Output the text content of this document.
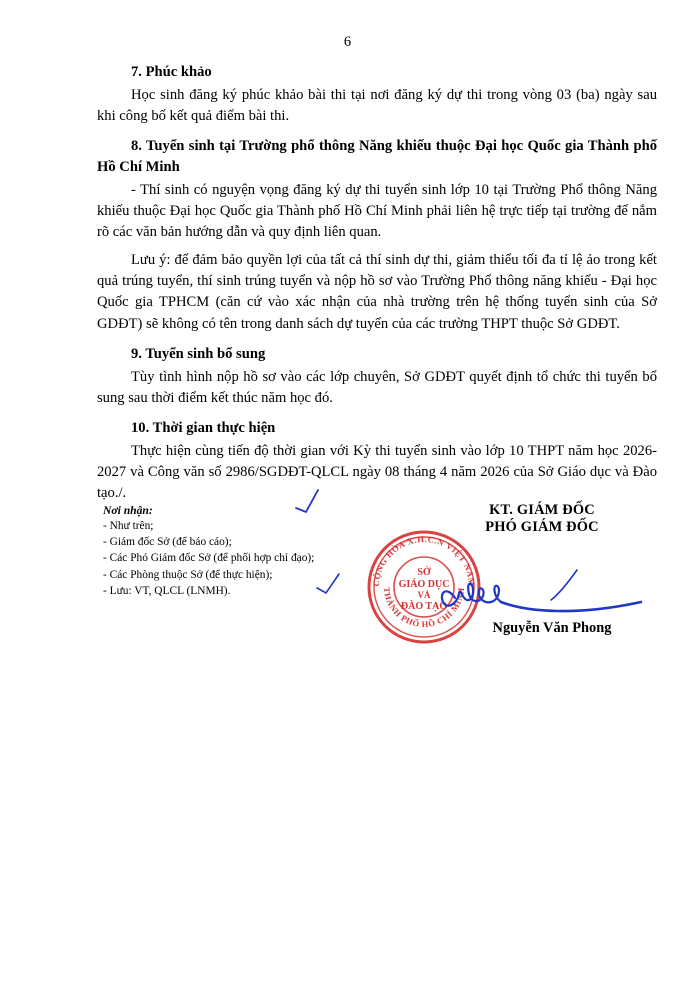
6
7. Phúc khảo
Học sinh đăng ký phúc khảo bài thi tại nơi đăng ký dự thi trong vòng 03 (ba) ngày sau khi công bố kết quả điểm bài thi.
8. Tuyển sinh tại Trường phổ thông Năng khiếu thuộc Đại học Quốc gia Thành phố Hồ Chí Minh
- Thí sinh có nguyện vọng đăng ký dự thi tuyển sinh lớp 10 tại Trường Phổ thông Năng khiếu thuộc Đại học Quốc gia Thành phố Hồ Chí Minh phải liên hệ trực tiếp tại trường để nắm rõ các văn bản hướng dẫn và quy định liên quan.
Lưu ý: để đảm bảo quyền lợi của tất cả thí sinh dự thi, giảm thiểu tối đa tỉ lệ ảo trong kết quả trúng tuyển, thí sinh trúng tuyển và nộp hồ sơ vào Trường Phổ thông năng khiếu - Đại học Quốc gia TPHCM (căn cứ vào xác nhận của nhà trường trên hệ thống tuyển sinh của Sở GDĐT) sẽ không có tên trong danh sách dự tuyển của các trường THPT thuộc Sở GDĐT.
9. Tuyển sinh bổ sung
Tùy tình hình nộp hồ sơ vào các lớp chuyên, Sở GDĐT quyết định tổ chức thi tuyển bổ sung sau thời điểm kết thúc năm học đó.
10. Thời gian thực hiện
Thực hiện cùng tiến độ thời gian với Kỳ thi tuyển sinh vào lớp 10 THPT năm học 2026-2027 và Công văn số 2986/SGDĐT-QLCL ngày 08 tháng 4 năm 2026 của Sở Giáo dục và Đào tạo./.
Nơi nhận:
- Như trên;
- Giám đốc Sở (để báo cáo);
- Các Phó Giám đốc Sở (để phối hợp chỉ đạo);
- Các Phòng thuộc Sở (để thực hiện);
- Lưu: VT, QLCL (LNMH).
KT. GIÁM ĐỐC
PHÓ GIÁM ĐỐC
Nguyễn Văn Phong
CỘNG HÒA X.H.C.N VIỆT NAM
THÀNH PHỐ HỒ CHÍ MINH
SỞ
GIÁO DỤC
VÀ
ĐÀO TẠO
